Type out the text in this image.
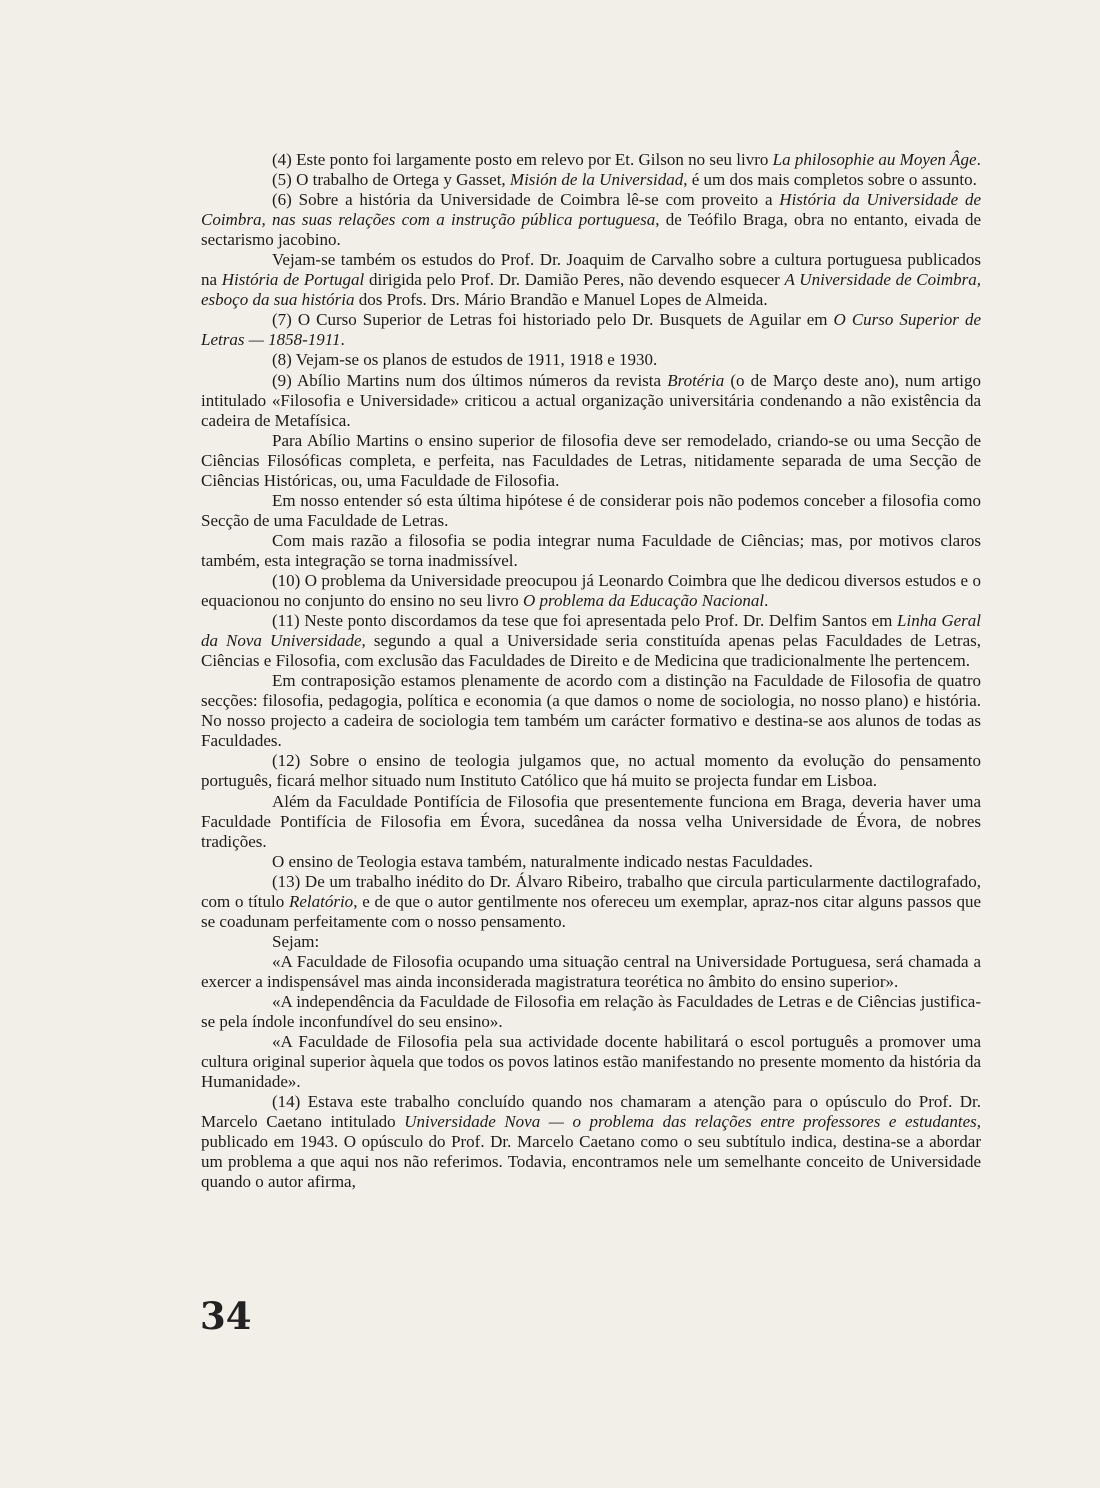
(4) Este ponto foi largamente posto em relevo por Et. Gilson no seu livro La philosophie au Moyen Âge.

(5) O trabalho de Ortega y Gasset, Misión de la Universidad, é um dos mais completos sobre o assunto.

(6) Sobre a história da Universidade de Coimbra lê-se com proveito a História da Universidade de Coimbra, nas suas relações com a instrução pública portuguesa, de Teófilo Braga, obra no entanto, eivada de sectarismo jacobino.

Vejam-se também os estudos do Prof. Dr. Joaquim de Carvalho sobre a cultura portuguesa publicados na História de Portugal dirigida pelo Prof. Dr. Damião Peres, não devendo esquecer A Universidade de Coimbra, esboço da sua história dos Profs. Drs. Mário Brandão e Manuel Lopes de Almeida.

(7) O Curso Superior de Letras foi historiado pelo Dr. Busquets de Aguilar em O Curso Superior de Letras — 1858-1911.

(8) Vejam-se os planos de estudos de 1911, 1918 e 1930.

(9) Abílio Martins num dos últimos números da revista Brotéria (o de Março deste ano), num artigo intitulado «Filosofia e Universidade» criticou a actual organização universitária condenando a não existência da cadeira de Metafísica.

Para Abílio Martins o ensino superior de filosofia deve ser remodelado, criando-se ou uma Secção de Ciências Filosóficas completa, e perfeita, nas Faculdades de Letras, nitidamente separada de uma Secção de Ciências Históricas, ou, uma Faculdade de Filosofia.

Em nosso entender só esta última hipótese é de considerar pois não podemos conceber a filosofia como Secção de uma Faculdade de Letras.

Com mais razão a filosofia se podia integrar numa Faculdade de Ciências; mas, por motivos claros também, esta integração se torna inadmissível.

(10) O problema da Universidade preocupou já Leonardo Coimbra que lhe dedicou diversos estudos e o equacionou no conjunto do ensino no seu livro O problema da Educação Nacional.

(11) Neste ponto discordamos da tese que foi apresentada pelo Prof. Dr. Delfim Santos em Linha Geral da Nova Universidade, segundo a qual a Universidade seria constituída apenas pelas Faculdades de Letras, Ciências e Filosofia, com exclusão das Faculdades de Direito e de Medicina que tradicionalmente lhe pertencem.

Em contraposição estamos plenamente de acordo com a distinção na Faculdade de Filosofia de quatro secções: filosofia, pedagogia, política e economia (a que damos o nome de sociologia, no nosso plano) e história. No nosso projecto a cadeira de sociologia tem também um carácter formativo e destina-se aos alunos de todas as Faculdades.

(12) Sobre o ensino de teologia julgamos que, no actual momento da evolução do pensamento português, ficará melhor situado num Instituto Católico que há muito se projecta fundar em Lisboa.

Além da Faculdade Pontifícia de Filosofia que presentemente funciona em Braga, deveria haver uma Faculdade Pontifícia de Filosofia em Évora, sucedânea da nossa velha Universidade de Évora, de nobres tradições.

O ensino de Teologia estava também, naturalmente indicado nestas Faculdades.

(13) De um trabalho inédito do Dr. Álvaro Ribeiro, trabalho que circula particularmente dactilografado, com o título Relatório, e de que o autor gentilmente nos ofereceu um exemplar, apraz-nos citar alguns passos que se coadunam perfeitamente com o nosso pensamento.

Sejam:

«A Faculdade de Filosofia ocupando uma situação central na Universidade Portuguesa, será chamada a exercer a indispensável mas ainda inconsiderada magistratura teorética no âmbito do ensino superior».

«A independência da Faculdade de Filosofia em relação às Faculdades de Letras e de Ciências justifica-se pela índole inconfundível do seu ensino».

«A Faculdade de Filosofia pela sua actividade docente habilitará o escol português a promover uma cultura original superior àquela que todos os povos latinos estão manifestando no presente momento da história da Humanidade».

(14) Estava este trabalho concluído quando nos chamaram a atenção para o opúsculo do Prof. Dr. Marcelo Caetano intitulado Universidade Nova — o problema das relações entre professores e estudantes, publicado em 1943. O opúsculo do Prof. Dr. Marcelo Caetano como o seu subtítulo indica, destina-se a abordar um problema a que aqui nos não referimos. Todavia, encontramos nele um semelhante conceito de Universidade quando o autor afirma,

34
